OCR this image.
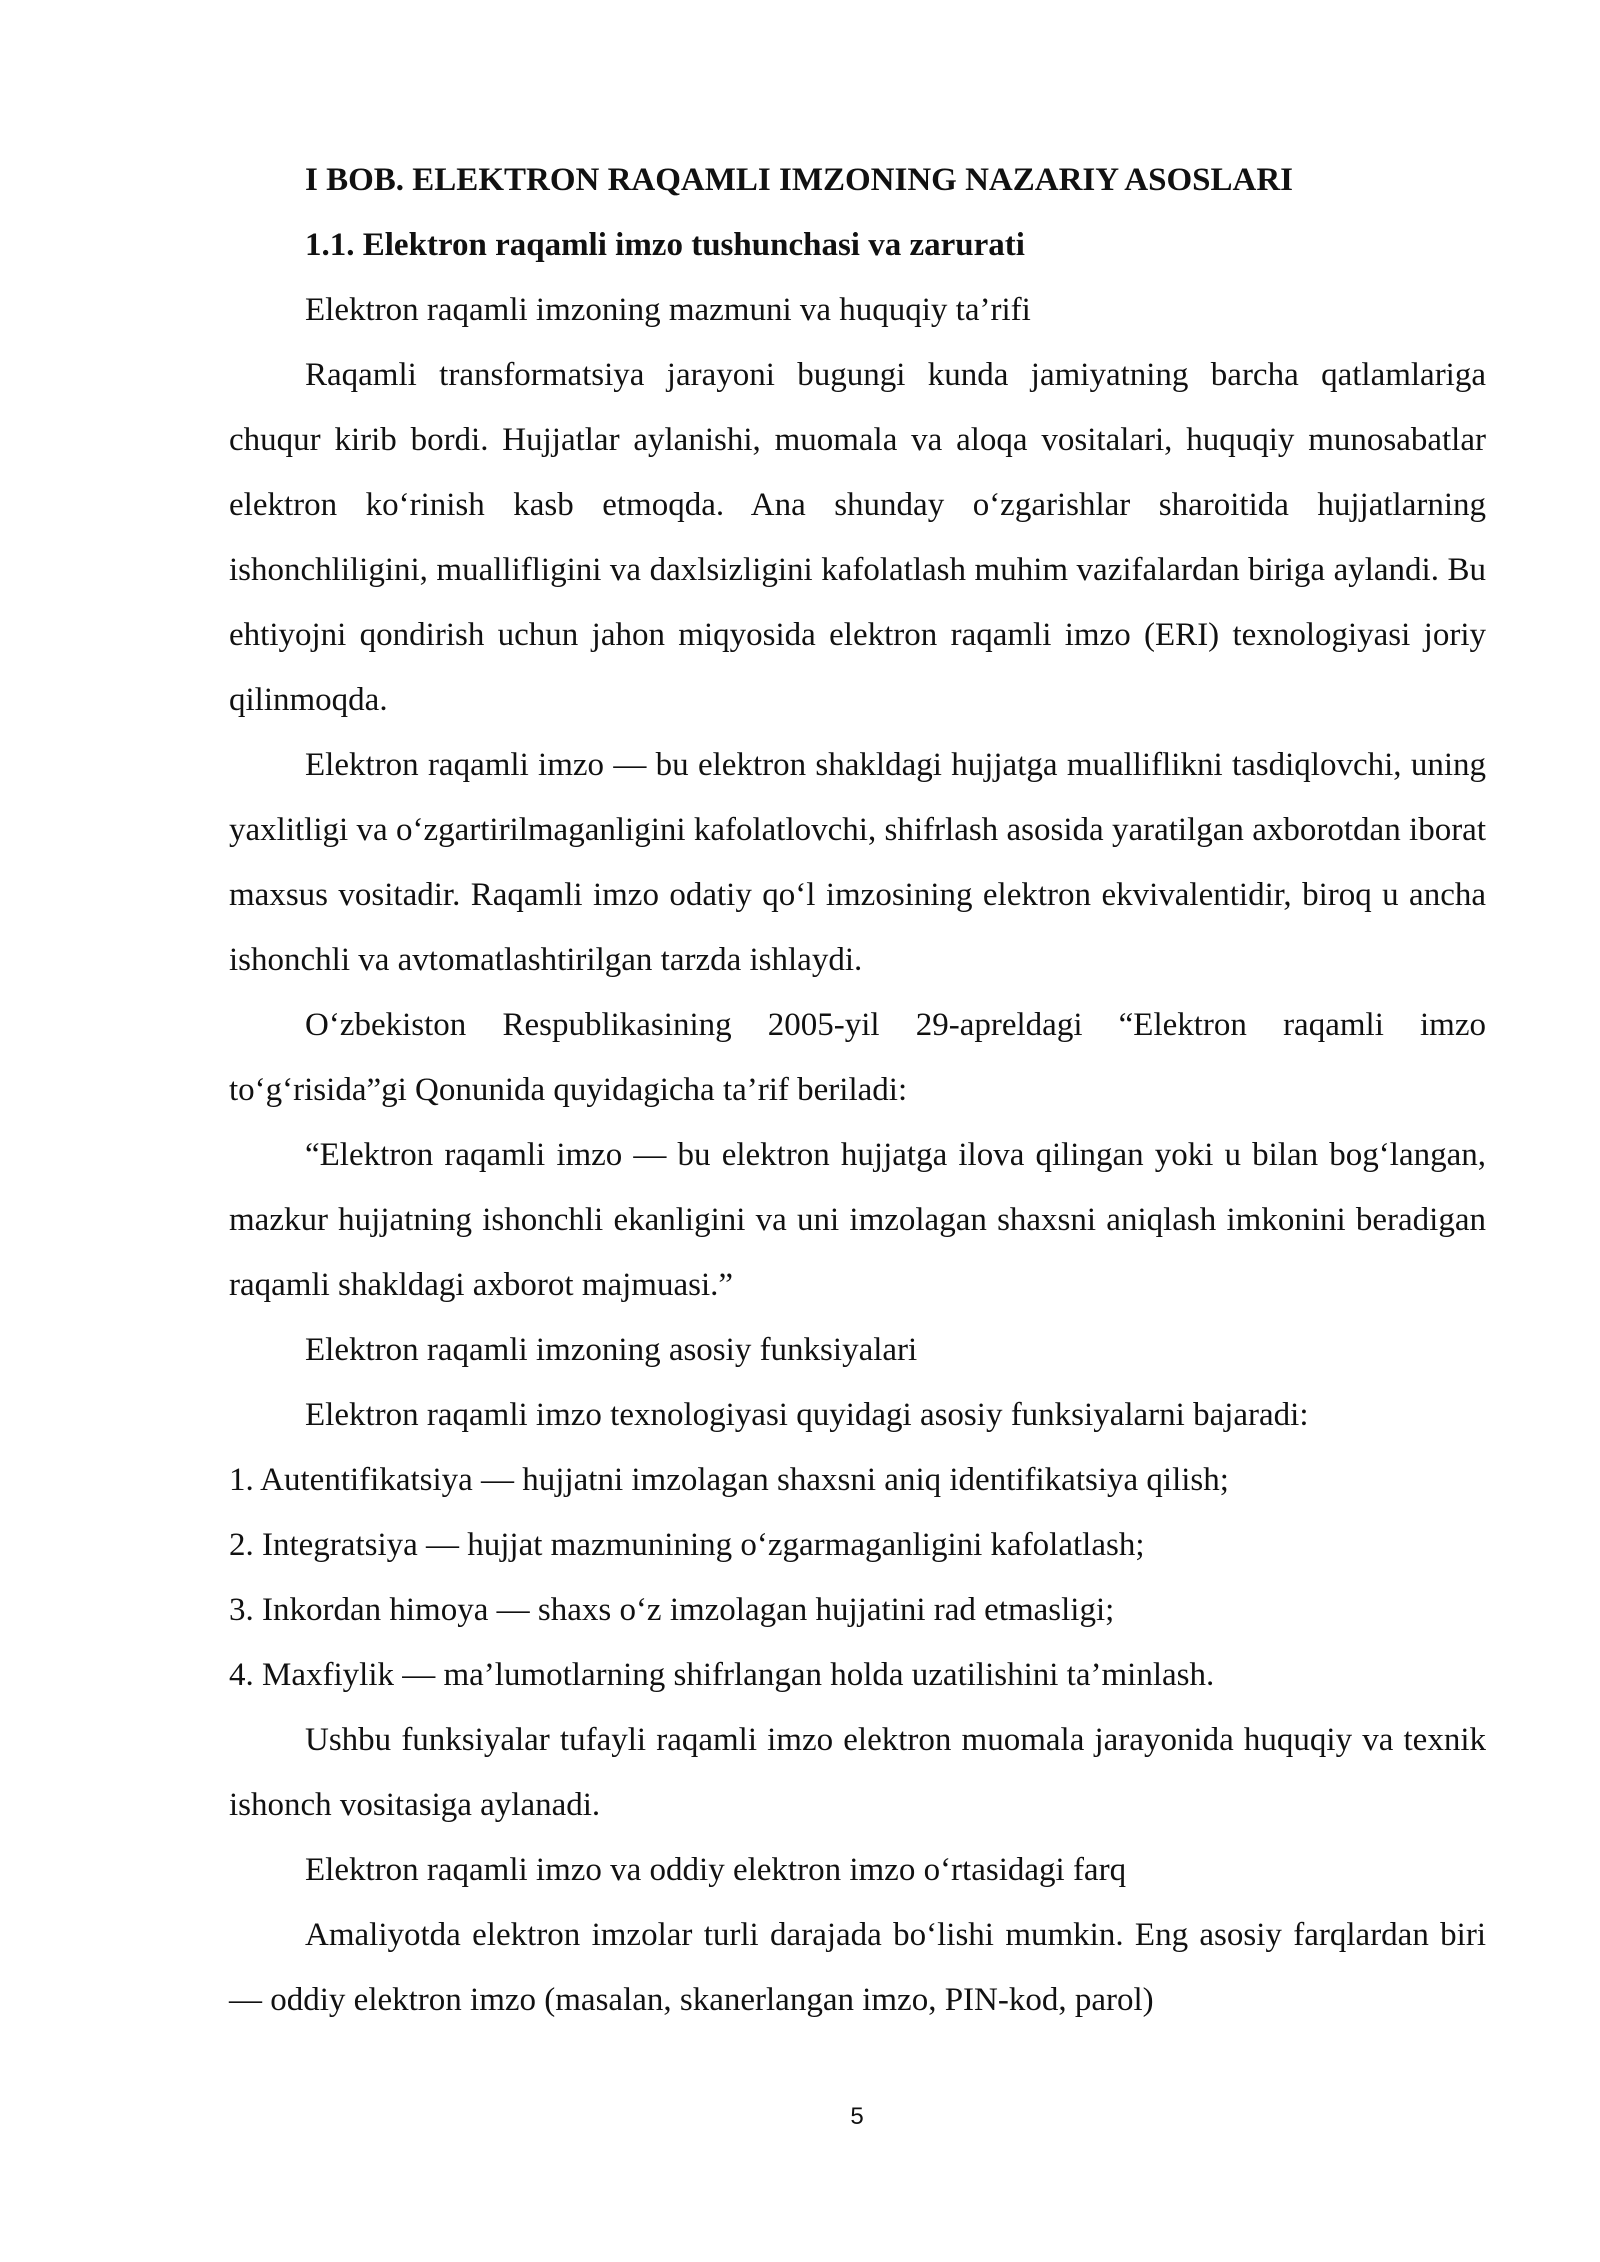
I BOB. ELEKTRON RAQAMLI IMZONING NAZARIY ASOSLARI

1.1. Elektron raqamli imzo tushunchasi va zarurati

Elektron raqamli imzoning mazmuni va huquqiy ta’rifi

Raqamli transformatsiya jarayoni bugungi kunda jamiyatning barcha qatlamlariga chuqur kirib bordi. Hujjatlar aylanishi, muomala va aloqa vositalari, huquqiy munosabatlar elektron ko‘rinish kasb etmoqda. Ana shunday o‘zgarishlar sharoitida hujjatlarning ishonchliligini, muallifligini va daxlsizligini kafolatlash muhim vazifalardan biriga aylandi. Bu ehtiyojni qondirish uchun jahon miqyosida elektron raqamli imzo (ERI) texnologiyasi joriy qilinmoqda.

Elektron raqamli imzo — bu elektron shakldagi hujjatga mualliflikni tasdiqlovchi, uning yaxlitligi va o‘zgartirilmaganligini kafolatlovchi, shifrlash asosida yaratilgan axborotdan iborat maxsus vositadir. Raqamli imzo odatiy qo‘l imzosining elektron ekvivalentidir, biroq u ancha ishonchli va avtomatlashtirilgan tarzda ishlaydi.

O‘zbekiston Respublikasining 2005-yil 29-apreldagi “Elektron raqamli imzo to‘g‘risida”gi Qonunida quyidagicha ta’rif beriladi:

“Elektron raqamli imzo — bu elektron hujjatga ilova qilingan yoki u bilan bog‘langan, mazkur hujjatning ishonchli ekanligini va uni imzolagan shaxsni aniqlash imkonini beradigan raqamli shakldagi axborot majmuasi.”

Elektron raqamli imzoning asosiy funksiyalari

Elektron raqamli imzo texnologiyasi quyidagi asosiy funksiyalarni bajaradi:

1. Autentifikatsiya — hujjatni imzolagan shaxsni aniq identifikatsiya qilish;
2. Integratsiya — hujjat mazmunining o‘zgarmaganligini kafolatlash;
3. Inkordan himoya — shaxs o‘z imzolagan hujjatini rad etmasligi;
4. Maxfiylik — ma’lumotlarning shifrlangan holda uzatilishini ta’minlash.

Ushbu funksiyalar tufayli raqamli imzo elektron muomala jarayonida huquqiy va texnik ishonch vositasiga aylanadi.

Elektron raqamli imzo va oddiy elektron imzo o‘rtasidagi farq

Amaliyotda elektron imzolar turli darajada bo‘lishi mumkin. Eng asosiy farqlardan biri — oddiy elektron imzo (masalan, skanerlangan imzo, PIN-kod, parol)

5
